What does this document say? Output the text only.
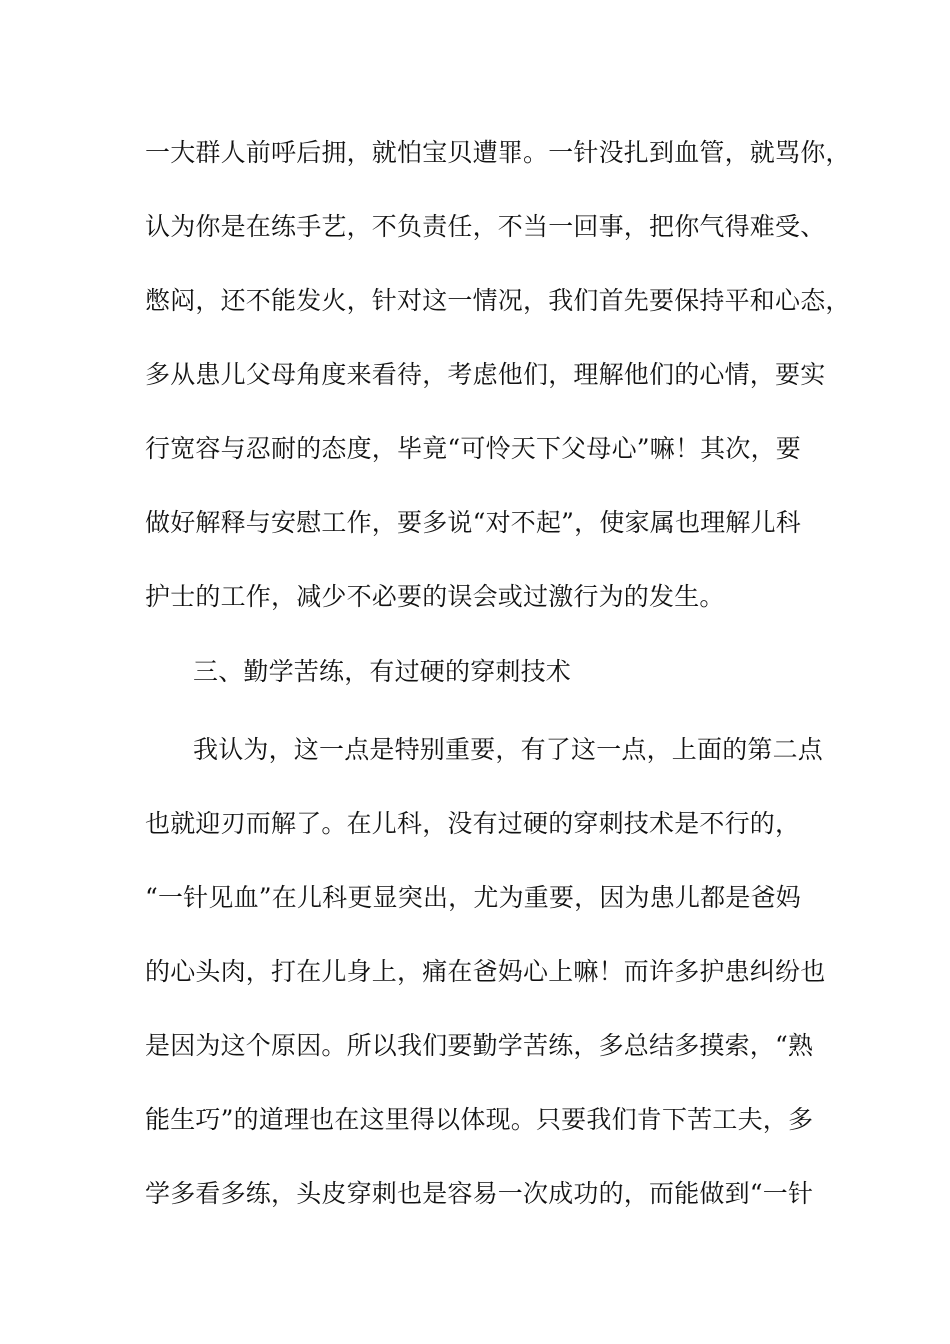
一大群人前呼后拥，就怕宝贝遭罪。一针没扎到血管，就骂你，
认为你是在练手艺，不负责任，不当一回事，把你气得难受、
憋闷，还不能发火，针对这一情况，我们首先要保持平和心态，
多从患儿父母角度来看待，考虑他们，理解他们的心情，要实
行宽容与忍耐的态度，毕竟“可怜天下父母心”嘛！其次，要
做好解释与安慰工作，要多说“对不起”，使家属也理解儿科
护士的工作，减少不必要的误会或过激行为的发生。
三、勤学苦练，有过硬的穿刺技术
我认为，这一点是特别重要，有了这一点，上面的第二点
也就迎刃而解了。在儿科，没有过硬的穿刺技术是不行的，
“一针见血”在儿科更显突出，尤为重要，因为患儿都是爸妈
的心头肉，打在儿身上，痛在爸妈心上嘛！而许多护患纠纷也
是因为这个原因。所以我们要勤学苦练，多总结多摸索，“熟
能生巧”的道理也在这里得以体现。只要我们肯下苦工夫，多
学多看多练，头皮穿刺也是容易一次成功的，而能做到“一针
